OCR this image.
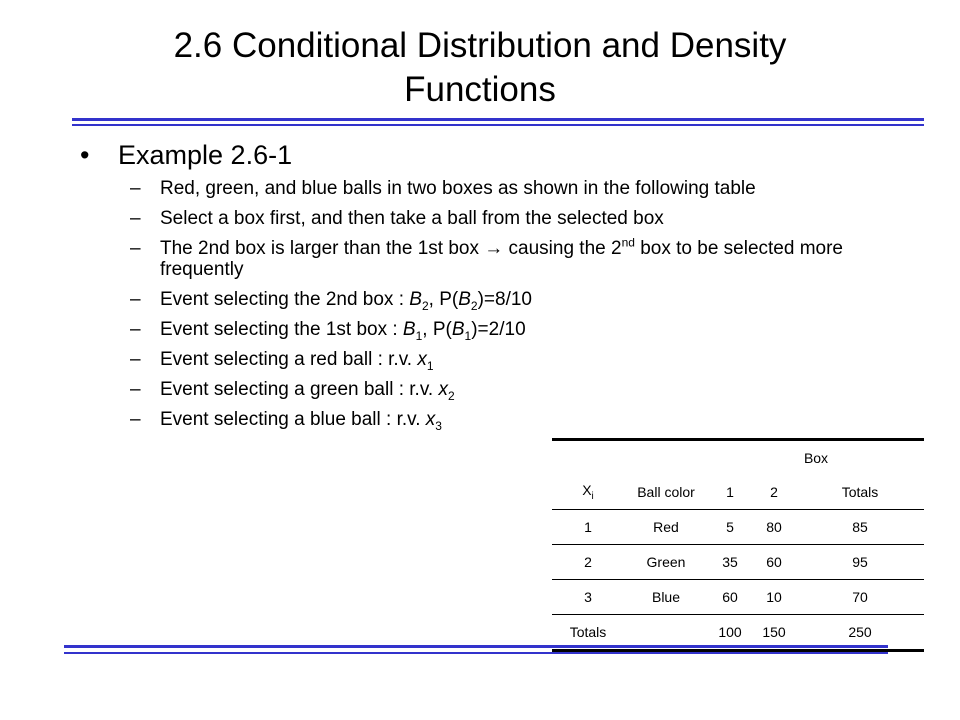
2.6 Conditional Distribution and Density
Functions
• Example 2.6-1
– Red, green, and blue balls in two boxes as shown in the following table
– Select a box first, and then take a ball from the selected box
– The 2nd box is larger than the 1st box → causing the 2nd box to be selected more frequently
– Event selecting the 2nd box : $B_2$, $P(B_2)=8/10$
– Event selecting the 1st box : $B_1$, $P(B_1)=2/10$
– Event selecting a red ball : r.v. $x_1$
– Event selecting a green ball : r.v. $x_2$
– Event selecting a blue ball : r.v. $x_3$
		Box		
$X_i$	Ball color	1	2	Totals
1	Red	5	80	85
2	Green	35	60	95
3	Blue	60	10	70
Totals		100	150	250
